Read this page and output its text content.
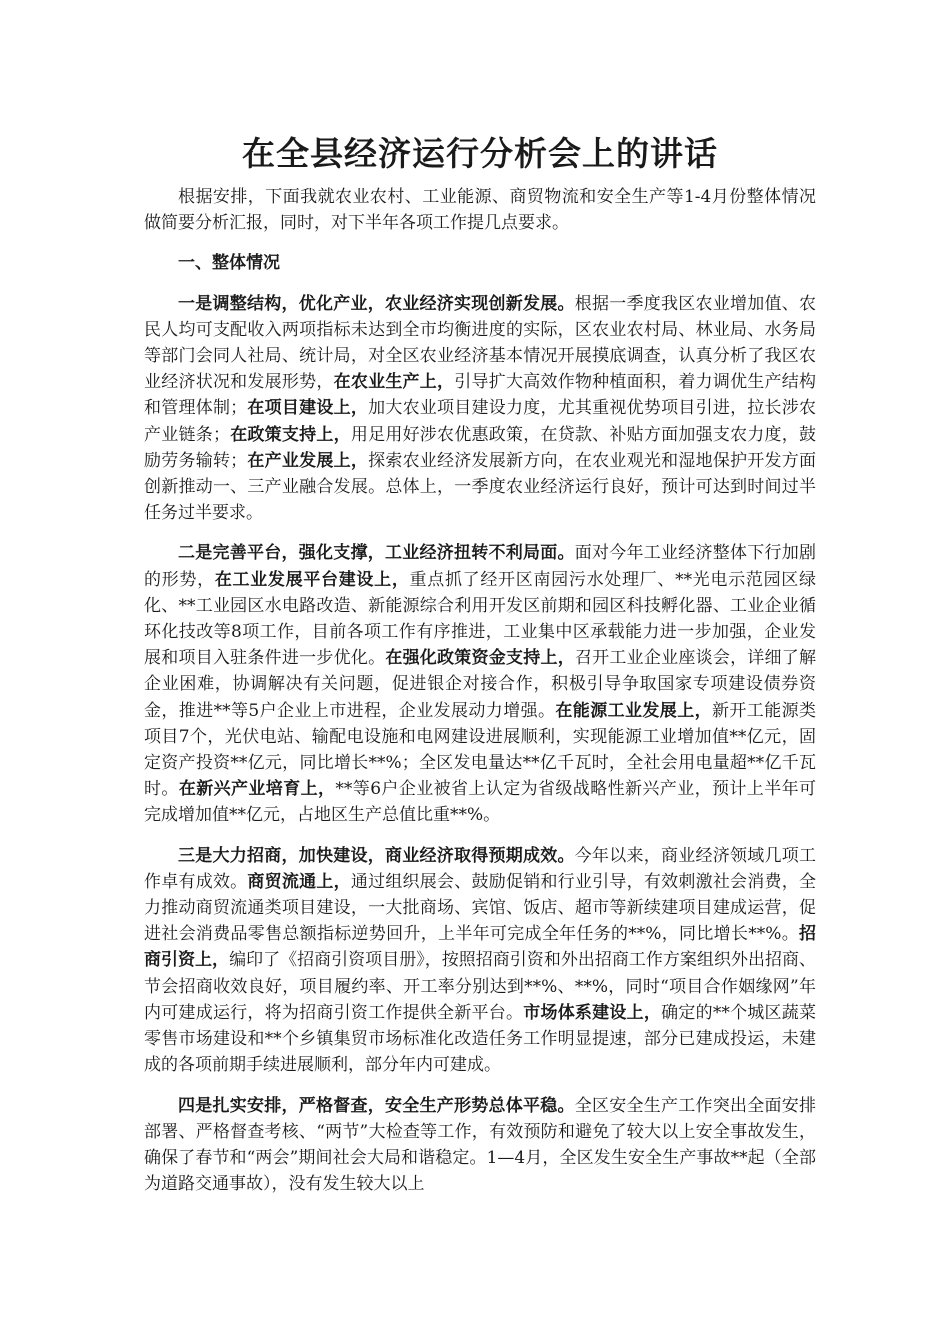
在全县经济运行分析会上的讲话

根据安排，下面我就农业农村、工业能源、商贸物流和安全生产等1-4月份整体情况做简要分析汇报，同时，对下半年各项工作提几点要求。

一、整体情况

一是调整结构，优化产业，农业经济实现创新发展。根据一季度我区农业增加值、农民人均可支配收入两项指标未达到全市均衡进度的实际，区农业农村局、林业局、水务局等部门会同人社局、统计局，对全区农业经济基本情况开展摸底调查，认真分析了我区农业经济状况和发展形势，在农业生产上，引导扩大高效作物种植面积，着力调优生产结构和管理体制；在项目建设上，加大农业项目建设力度，尤其重视优势项目引进，拉长涉农产业链条；在政策支持上，用足用好涉农优惠政策，在贷款、补贴方面加强支农力度，鼓励劳务输转；在产业发展上，探索农业经济发展新方向，在农业观光和湿地保护开发方面创新推动一、三产业融合发展。总体上，一季度农业经济运行良好，预计可达到时间过半任务过半要求。

二是完善平台，强化支撑，工业经济扭转不利局面。面对今年工业经济整体下行加剧的形势，在工业发展平台建设上，重点抓了经开区南园污水处理厂、**光电示范园区绿化、**工业园区水电路改造、新能源综合利用开发区前期和园区科技孵化器、工业企业循环化技改等8项工作，目前各项工作有序推进，工业集中区承载能力进一步加强，企业发展和项目入驻条件进一步优化。在强化政策资金支持上，召开工业企业座谈会，详细了解企业困难，协调解决有关问题，促进银企对接合作，积极引导争取国家专项建设债券资金，推进**等5户企业上市进程，企业发展动力增强。在能源工业发展上，新开工能源类项目7个，光伏电站、输配电设施和电网建设进展顺利，实现能源工业增加值**亿元，固定资产投资**亿元，同比增长**%；全区发电量达**亿千瓦时，全社会用电量超**亿千瓦时。在新兴产业培育上，**等6户企业被省上认定为省级战略性新兴产业，预计上半年可完成增加值**亿元，占地区生产总值比重**%。

三是大力招商，加快建设，商业经济取得预期成效。今年以来，商业经济领域几项工作卓有成效。商贸流通上，通过组织展会、鼓励促销和行业引导，有效刺激社会消费，全力推动商贸流通类项目建设，一大批商场、宾馆、饭店、超市等新续建项目建成运营，促进社会消费品零售总额指标逆势回升，上半年可完成全年任务的**%，同比增长**%。招商引资上，编印了《招商引资项目册》，按照招商引资和外出招商工作方案组织外出招商、节会招商收效良好，项目履约率、开工率分别达到**%、**%，同时“项目合作姻缘网”年内可建成运行，将为招商引资工作提供全新平台。市场体系建设上，确定的**个城区蔬菜零售市场建设和**个乡镇集贸市场标准化改造任务工作明显提速，部分已建成投运，未建成的各项前期手续进展顺利，部分年内可建成。

四是扎实安排，严格督查，安全生产形势总体平稳。全区安全生产工作突出全面安排部署、严格督查考核、“两节”大检查等工作，有效预防和避免了较大以上安全事故发生，确保了春节和“两会”期间社会大局和谐稳定。1—4月，全区发生安全生产事故**起（全部为道路交通事故），没有发生较大以上
